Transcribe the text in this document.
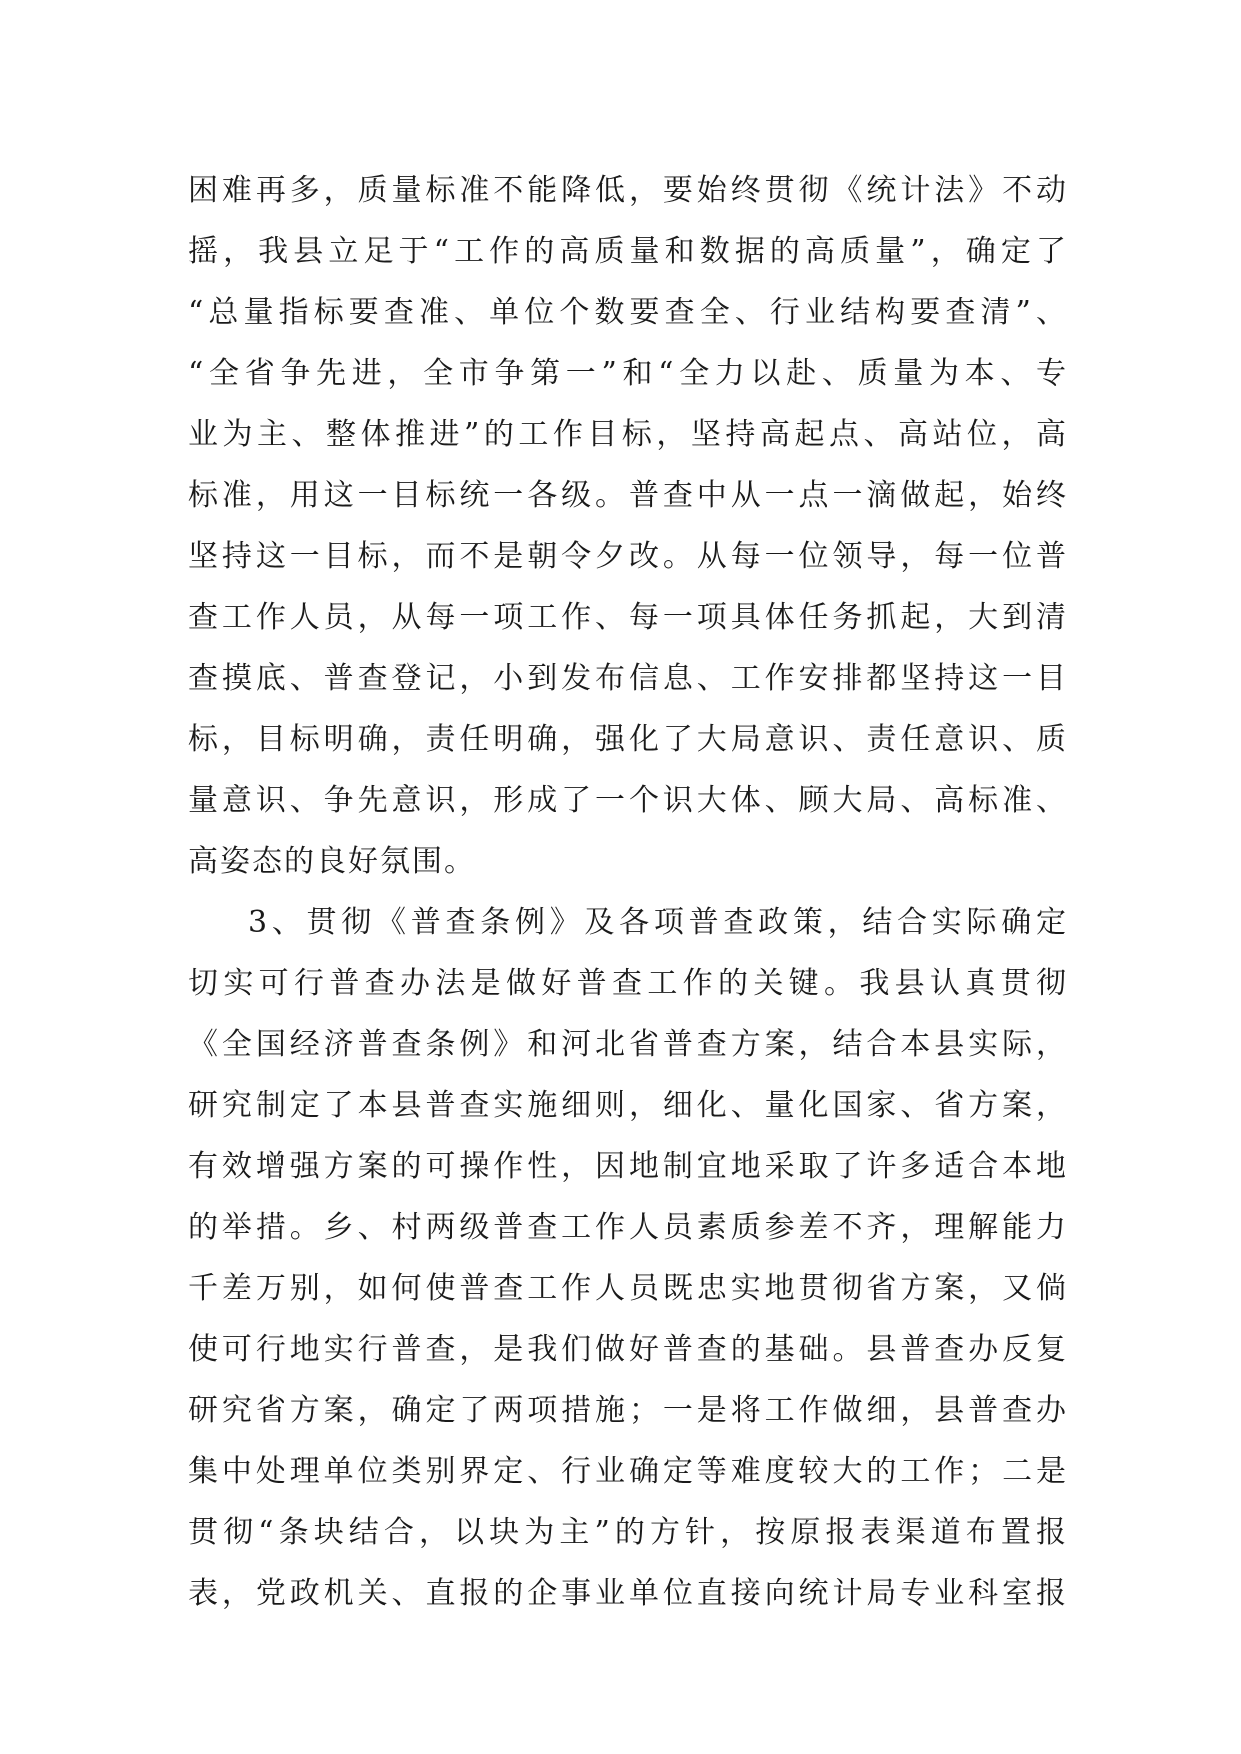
困难再多，质量标准不能降低，要始终贯彻《统计法》不动
摇，我县立足于“工作的高质量和数据的高质量”，确定了
“总量指标要查准、单位个数要查全、行业结构要查清”、
“全省争先进，全市争第一”和“全力以赴、质量为本、专
业为主、整体推进”的工作目标，坚持高起点、高站位，高
标准，用这一目标统一各级。普查中从一点一滴做起，始终
坚持这一目标，而不是朝令夕改。从每一位领导，每一位普
查工作人员，从每一项工作、每一项具体任务抓起，大到清
查摸底、普查登记，小到发布信息、工作安排都坚持这一目
标，目标明确，责任明确，强化了大局意识、责任意识、质
量意识、争先意识，形成了一个识大体、顾大局、高标准、
高姿态的良好氛围。
3、贯彻《普查条例》及各项普查政策，结合实际确定
切实可行普查办法是做好普查工作的关键。我县认真贯彻
《全国经济普查条例》和河北省普查方案，结合本县实际，
研究制定了本县普查实施细则，细化、量化国家、省方案，
有效增强方案的可操作性，因地制宜地采取了许多适合本地
的举措。乡、村两级普查工作人员素质参差不齐，理解能力
千差万别，如何使普查工作人员既忠实地贯彻省方案，又倘
使可行地实行普查，是我们做好普查的基础。县普查办反复
研究省方案，确定了两项措施；一是将工作做细，县普查办
集中处理单位类别界定、行业确定等难度较大的工作；二是
贯彻“条块结合，以块为主”的方针，按原报表渠道布置报
表，党政机关、直报的企事业单位直接向统计局专业科室报
